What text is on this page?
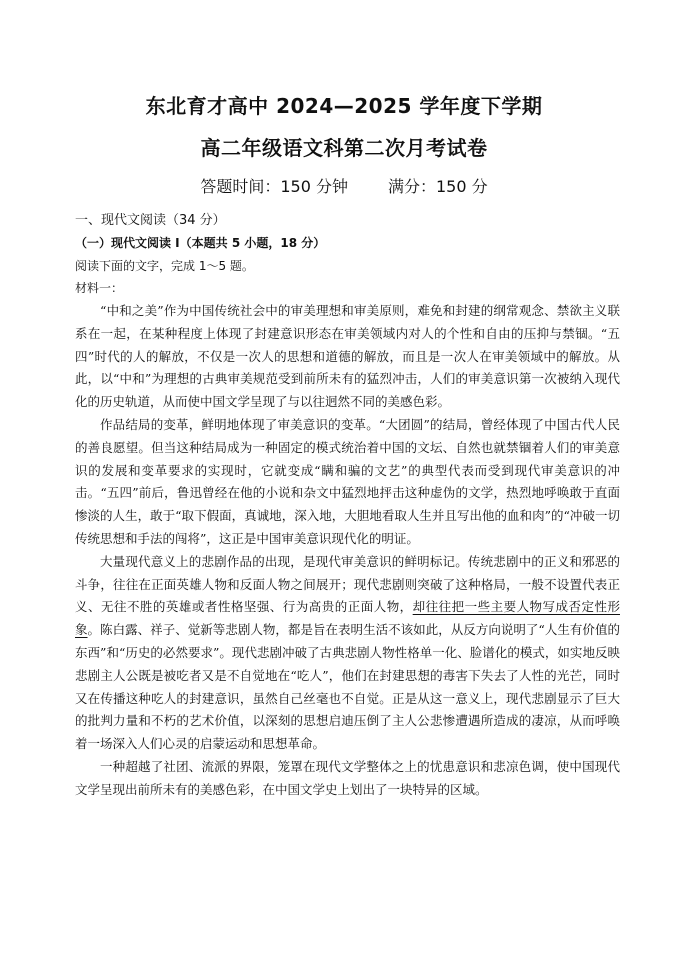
东北育才高中 2024—2025 学年度下学期
高二年级语文科第二次月考试卷
答题时间：150 分钟	满分：150 分
一、现代文阅读（34 分）
（一）现代文阅读 I（本题共 5 小题，18 分）
阅读下面的文字，完成 1～5 题。
材料一：

“中和之美”作为中国传统社会中的审美理想和审美原则，难免和封建的纲常观念、禁欲主义联系在一起，在某种程度上体现了封建意识形态在审美领域内对人的个性和自由的压抑与禁锢。“五四”时代的人的解放，不仅是一次人的思想和道德的解放，而且是一次人在审美领域中的解放。从此，以“中和”为理想的古典审美规范受到前所未有的猛烈冲击，人们的审美意识第一次被纳入现代化的历史轨道，从而使中国文学呈现了与以往迥然不同的美感色彩。

作品结局的变革，鲜明地体现了审美意识的变革。“大团圆”的结局，曾经体现了中国古代人民的善良愿望。但当这种结局成为一种固定的模式统治着中国的文坛、自然也就禁锢着人们的审美意识的发展和变革要求的实现时，它就变成“瞒和骗的文艺”的典型代表而受到现代审美意识的冲击。“五四”前后，鲁迅曾经在他的小说和杂文中猛烈地抨击这种虚伪的文学，热烈地呼唤敢于直面惨淡的人生，敢于“取下假面，真诚地，深入地，大胆地看取人生并且写出他的血和肉”的“冲破一切传统思想和手法的闯将”，这正是中国审美意识现代化的明证。

大量现代意义上的悲剧作品的出现，是现代审美意识的鲜明标记。传统悲剧中的正义和邪恶的斗争，往往在正面英雄人物和反面人物之间展开；现代悲剧则突破了这种格局，一般不设置代表正义、无往不胜的英雄或者性格坚强、行为高贵的正面人物，却往往把一些主要人物写成否定性形象。陈白露、祥子、觉新等悲剧人物，都是旨在表明生活不该如此，从反方向说明了“人生有价值的东西”和“历史的必然要求”。现代悲剧冲破了古典悲剧人物性格单一化、脸谱化的模式，如实地反映悲剧主人公既是被吃者又是不自觉地在“吃人”，他们在封建思想的毒害下失去了人性的光芒，同时又在传播这种吃人的封建意识，虽然自己丝毫也不自觉。正是从这一意义上，现代悲剧显示了巨大的批判力量和不朽的艺术价值，以深刻的思想启迪压倒了主人公悲惨遭遇所造成的凄凉，从而呼唤着一场深入人们心灵的启蒙运动和思想革命。

一种超越了社团、流派的界限，笼罩在现代文学整体之上的忧患意识和悲凉色调，使中国现代文学呈现出前所未有的美感色彩，在中国文学史上划出了一块特异的区域。
